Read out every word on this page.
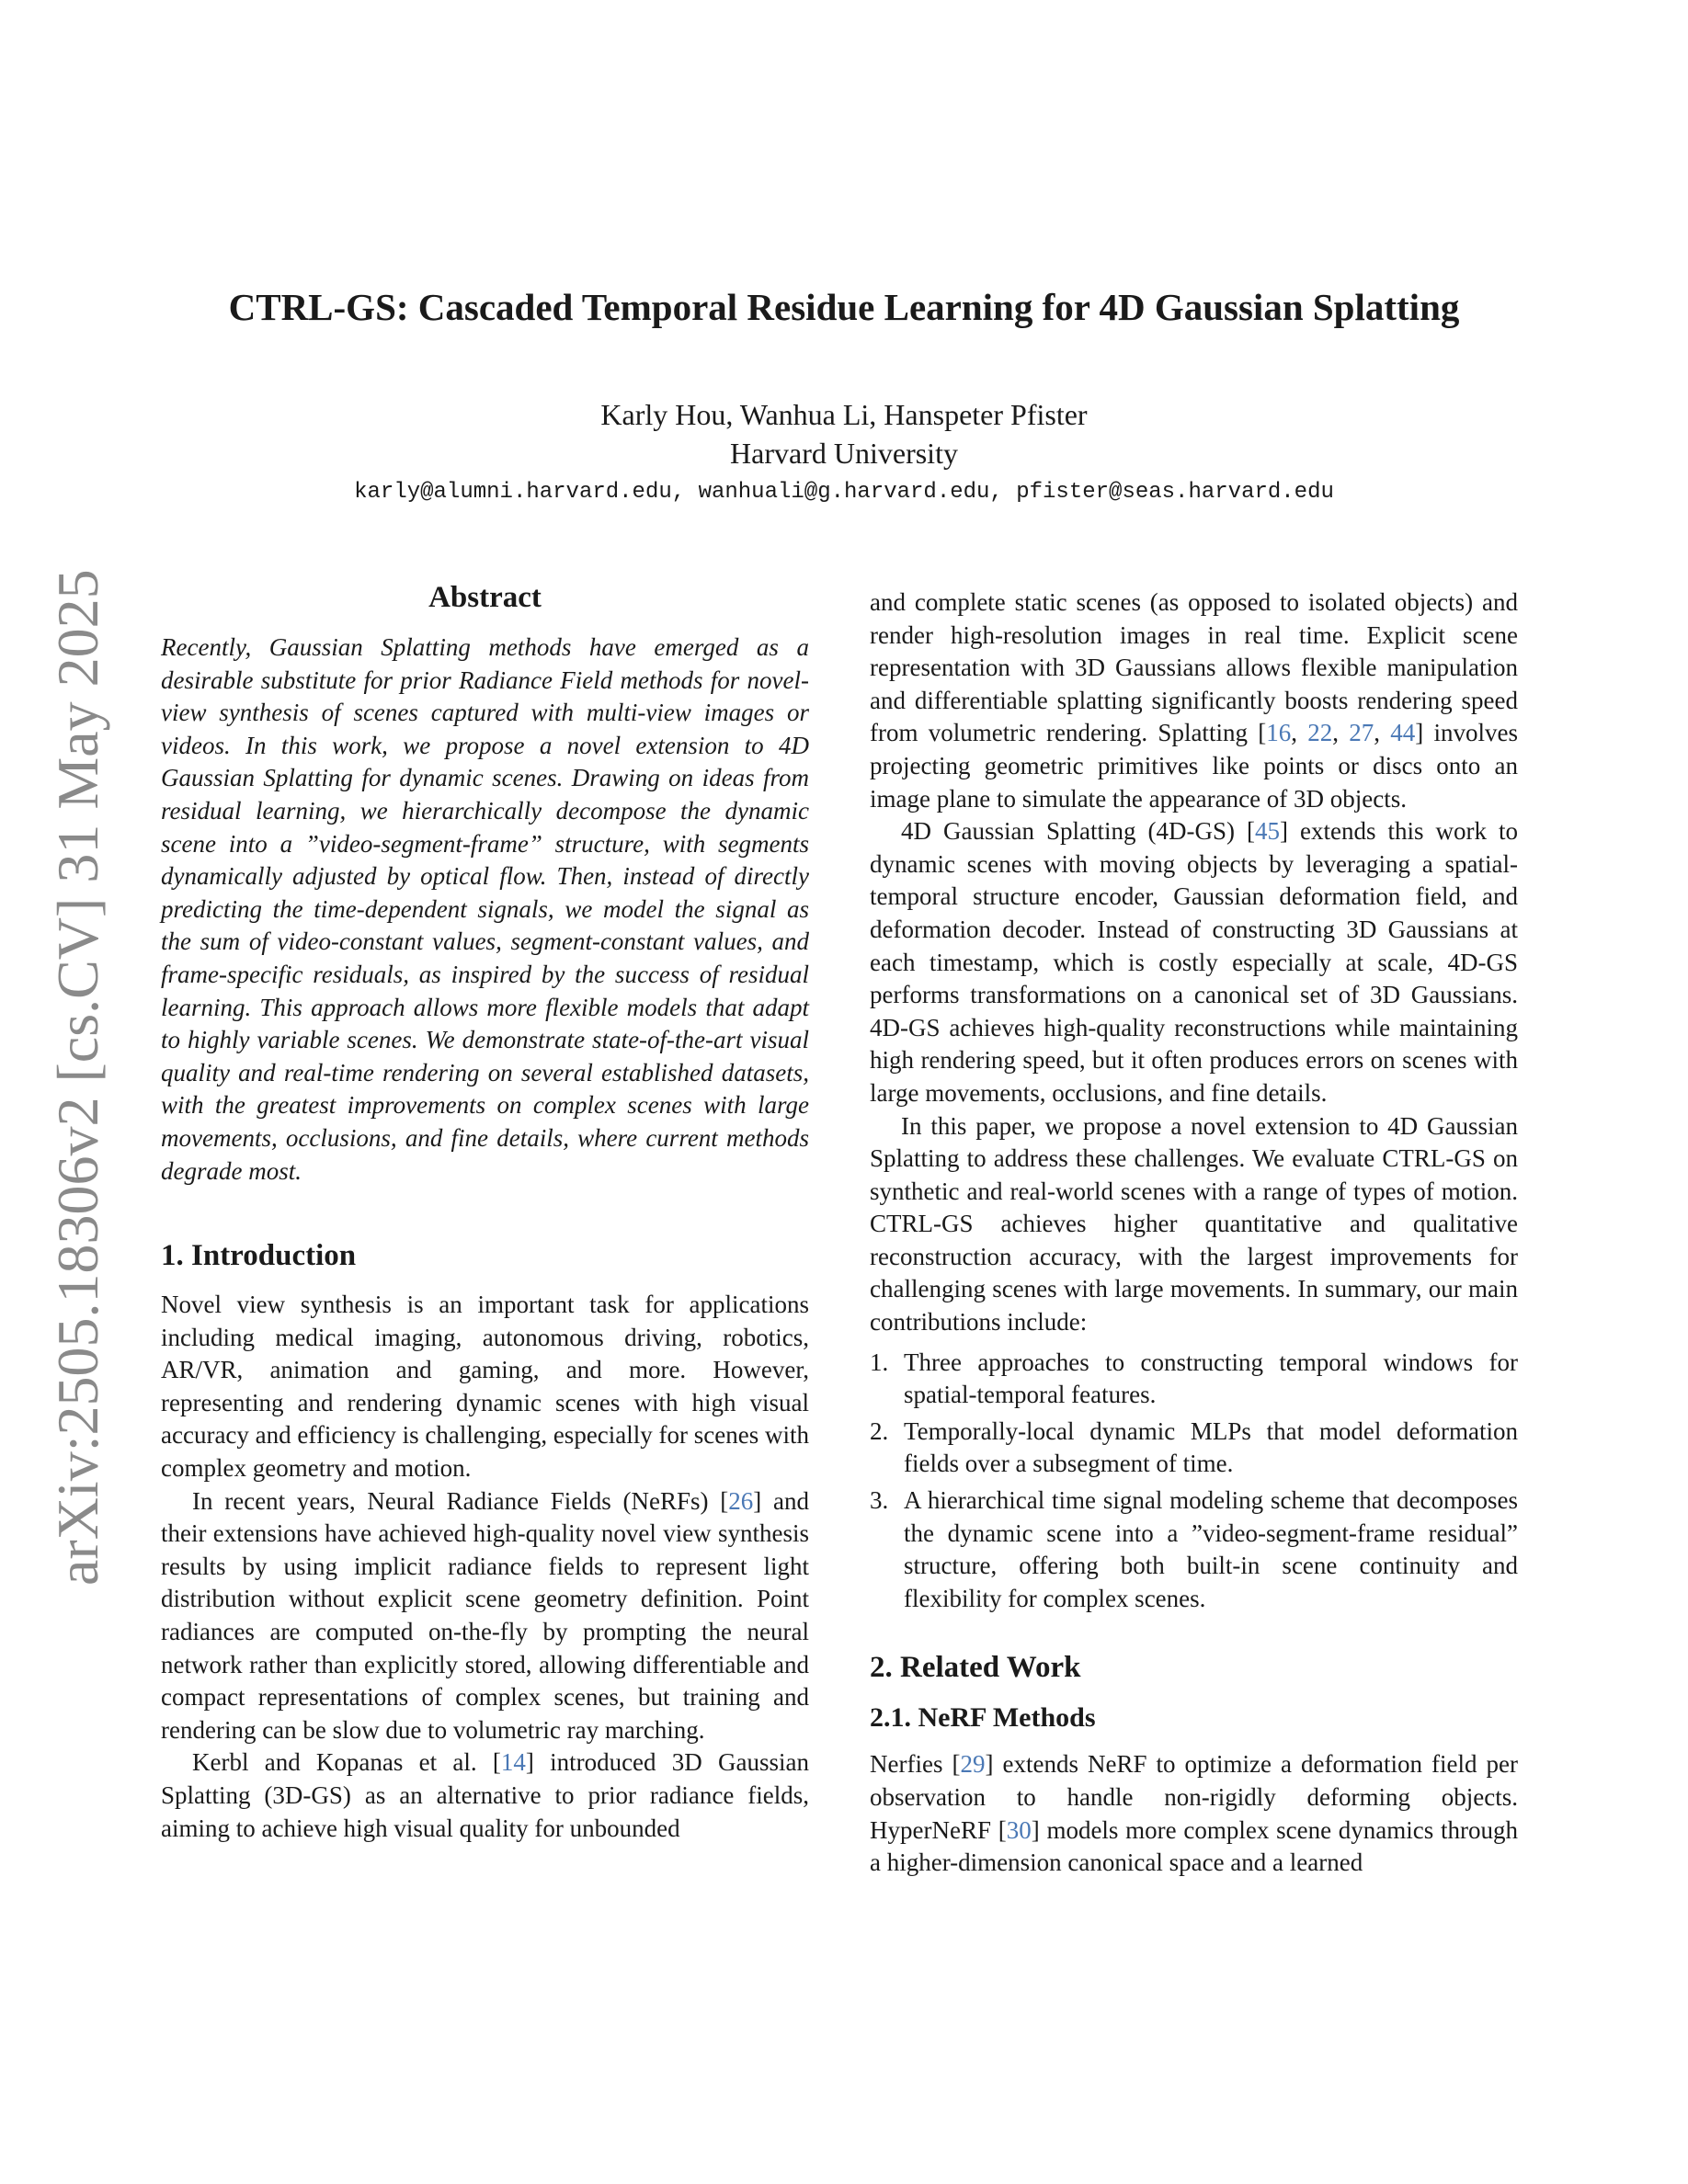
CTRL-GS: Cascaded Temporal Residue Learning for 4D Gaussian Splatting
Karly Hou, Wanhua Li, Hanspeter Pfister
Harvard University
karly@alumni.harvard.edu, wanhuali@g.harvard.edu, pfister@seas.harvard.edu
arXiv:2505.18306v2 [cs.CV] 31 May 2025	Abstract

Recently, Gaussian Splatting methods have emerged as a desirable substitute for prior Radiance Field methods for novel-view synthesis of scenes captured with multi-view images or videos. In this work, we propose a novel extension to 4D Gaussian Splatting for dynamic scenes. Drawing on ideas from residual learning, we hierarchically decompose the dynamic scene into a ”video-segment-frame” structure, with segments dynamically adjusted by optical flow. Then, instead of directly predicting the time-dependent signals, we model the signal as the sum of video-constant values, segment-constant values, and frame-specific residuals, as inspired by the success of residual learning. This approach allows more flexible models that adapt to highly variable scenes. We demonstrate state-of-the-art visual quality and real-time rendering on several established datasets, with the greatest improvements on complex scenes with large movements, occlusions, and fine details, where current methods degrade most.

1. Introduction

Novel view synthesis is an important task for applications including medical imaging, autonomous driving, robotics, AR/VR, animation and gaming, and more. However, representing and rendering dynamic scenes with high visual accuracy and efficiency is challenging, especially for scenes with complex geometry and motion.

In recent years, Neural Radiance Fields (NeRFs) [26] and their extensions have achieved high-quality novel view synthesis results by using implicit radiance fields to represent light distribution without explicit scene geometry definition. Point radiances are computed on-the-fly by prompting the neural network rather than explicitly stored, allowing differentiable and compact representations of complex scenes, but training and rendering can be slow due to volumetric ray marching.

Kerbl and Kopanas et al. [14] introduced 3D Gaussian Splatting (3D-GS) as an alternative to prior radiance fields, aiming to achieve high visual quality for unbounded

and complete static scenes (as opposed to isolated objects) and render high-resolution images in real time. Explicit scene representation with 3D Gaussians allows flexible manipulation and differentiable splatting significantly boosts rendering speed from volumetric rendering. Splatting [16, 22, 27, 44] involves projecting geometric primitives like points or discs onto an image plane to simulate the appearance of 3D objects.

4D Gaussian Splatting (4D-GS) [45] extends this work to dynamic scenes with moving objects by leveraging a spatial-temporal structure encoder, Gaussian deformation field, and deformation decoder. Instead of constructing 3D Gaussians at each timestamp, which is costly especially at scale, 4D-GS performs transformations on a canonical set of 3D Gaussians. 4D-GS achieves high-quality reconstructions while maintaining high rendering speed, but it often produces errors on scenes with large movements, occlusions, and fine details.

In this paper, we propose a novel extension to 4D Gaussian Splatting to address these challenges. We evaluate CTRL-GS on synthetic and real-world scenes with a range of types of motion. CTRL-GS achieves higher quantitative and qualitative reconstruction accuracy, with the largest improvements for challenging scenes with large movements. In summary, our main contributions include:

1. Three approaches to constructing temporal windows for spatial-temporal features.
2. Temporally-local dynamic MLPs that model deformation fields over a subsegment of time.
3. A hierarchical time signal modeling scheme that decomposes the dynamic scene into a ”video-segment-frame residual” structure, offering both built-in scene continuity and flexibility for complex scenes.
2. Related Work
2.1. NeRF Methods

Nerfies [29] extends NeRF to optimize a deformation field per observation to handle non-rigidly deforming objects. HyperNeRF [30] models more complex scene dynamics through a higher-dimension canonical space and a learned
